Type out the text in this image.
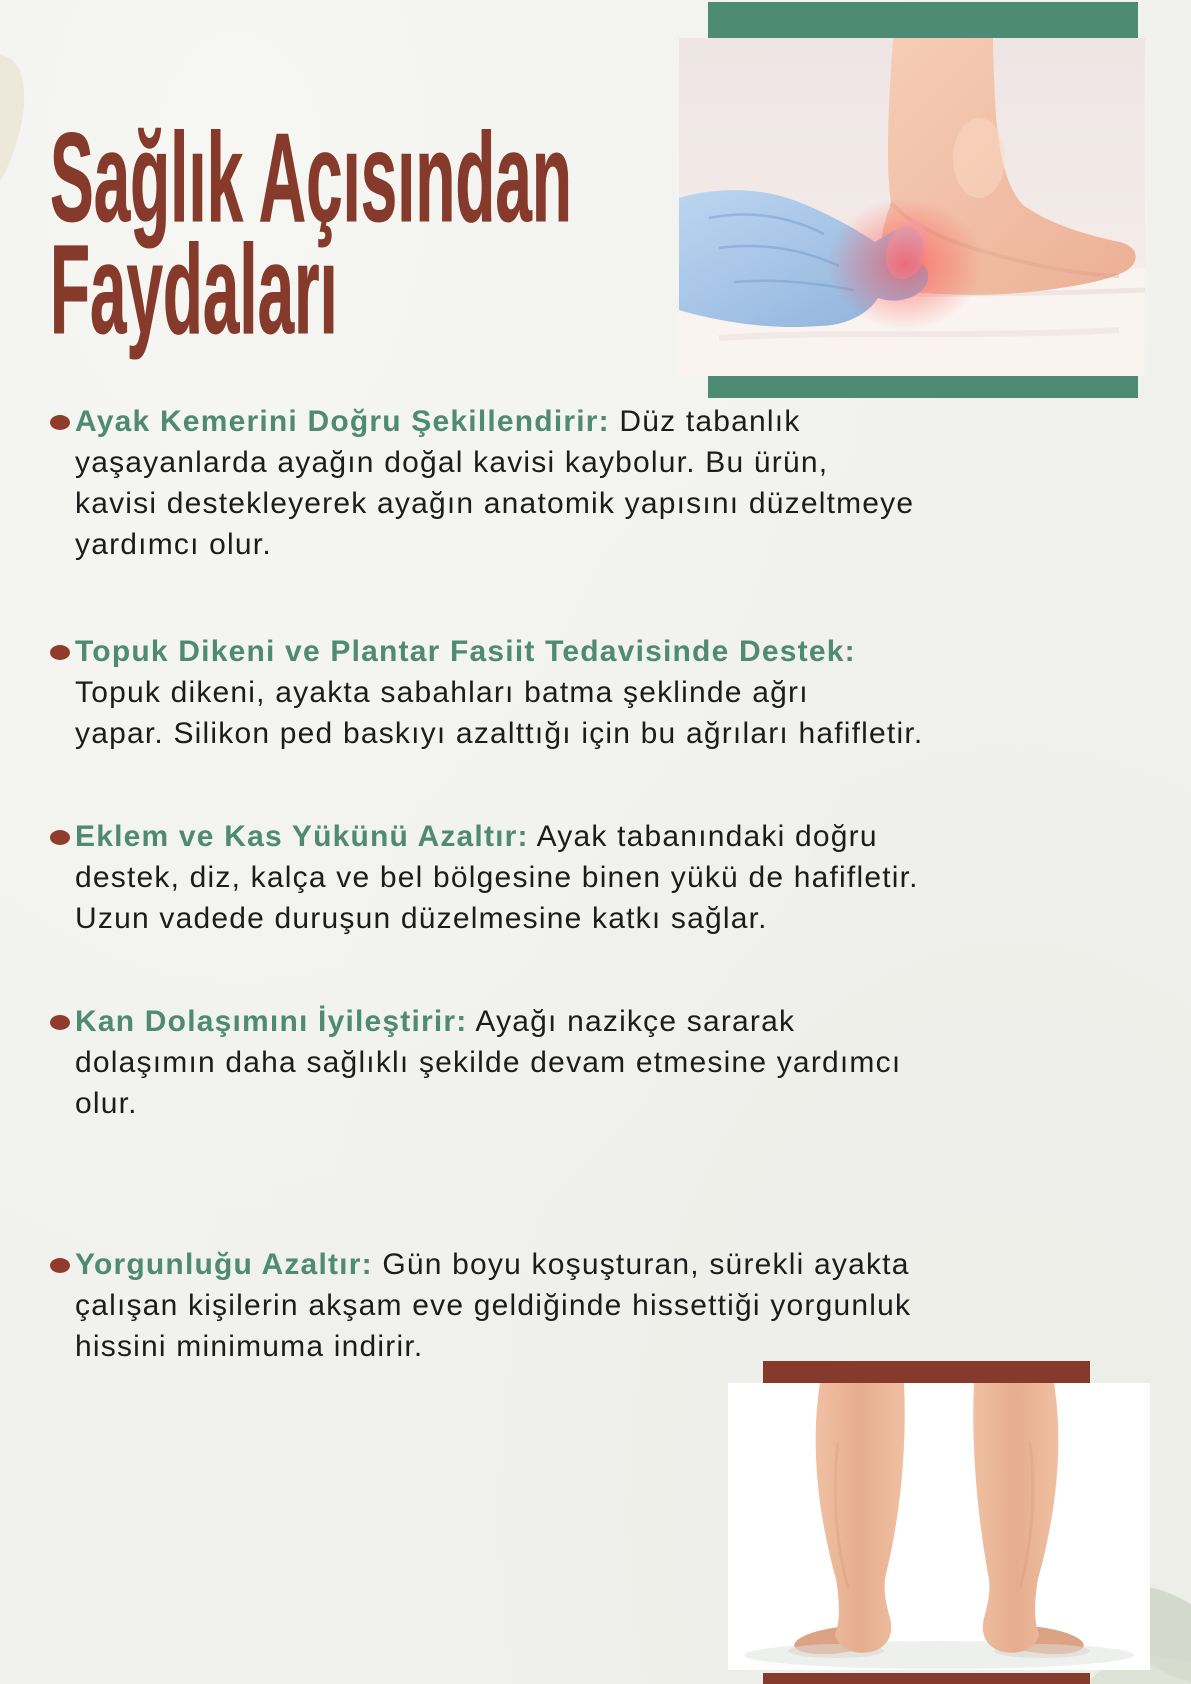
Sağlık Açısından
Faydaları
Ayak Kemerini Doğru Şekillendirir: Düz tabanlık
yaşayanlarda ayağın doğal kavisi kaybolur. Bu ürün,
kavisi destekleyerek ayağın anatomik yapısını düzeltmeye
yardımcı olur.
Topuk Dikeni ve Plantar Fasiit Tedavisinde Destek:
Topuk dikeni, ayakta sabahları batma şeklinde ağrı
yapar. Silikon ped baskıyı azalttığı için bu ağrıları hafifletir.
Eklem ve Kas Yükünü Azaltır: Ayak tabanındaki doğru
destek, diz, kalça ve bel bölgesine binen yükü de hafifletir.
Uzun vadede duruşun düzelmesine katkı sağlar.
Kan Dolaşımını İyileştirir: Ayağı nazikçe sararak
dolaşımın daha sağlıklı şekilde devam etmesine yardımcı
olur.
Yorgunluğu Azaltır: Gün boyu koşuşturan, sürekli ayakta
çalışan kişilerin akşam eve geldiğinde hissettiği yorgunluk
hissini minimuma indirir.
